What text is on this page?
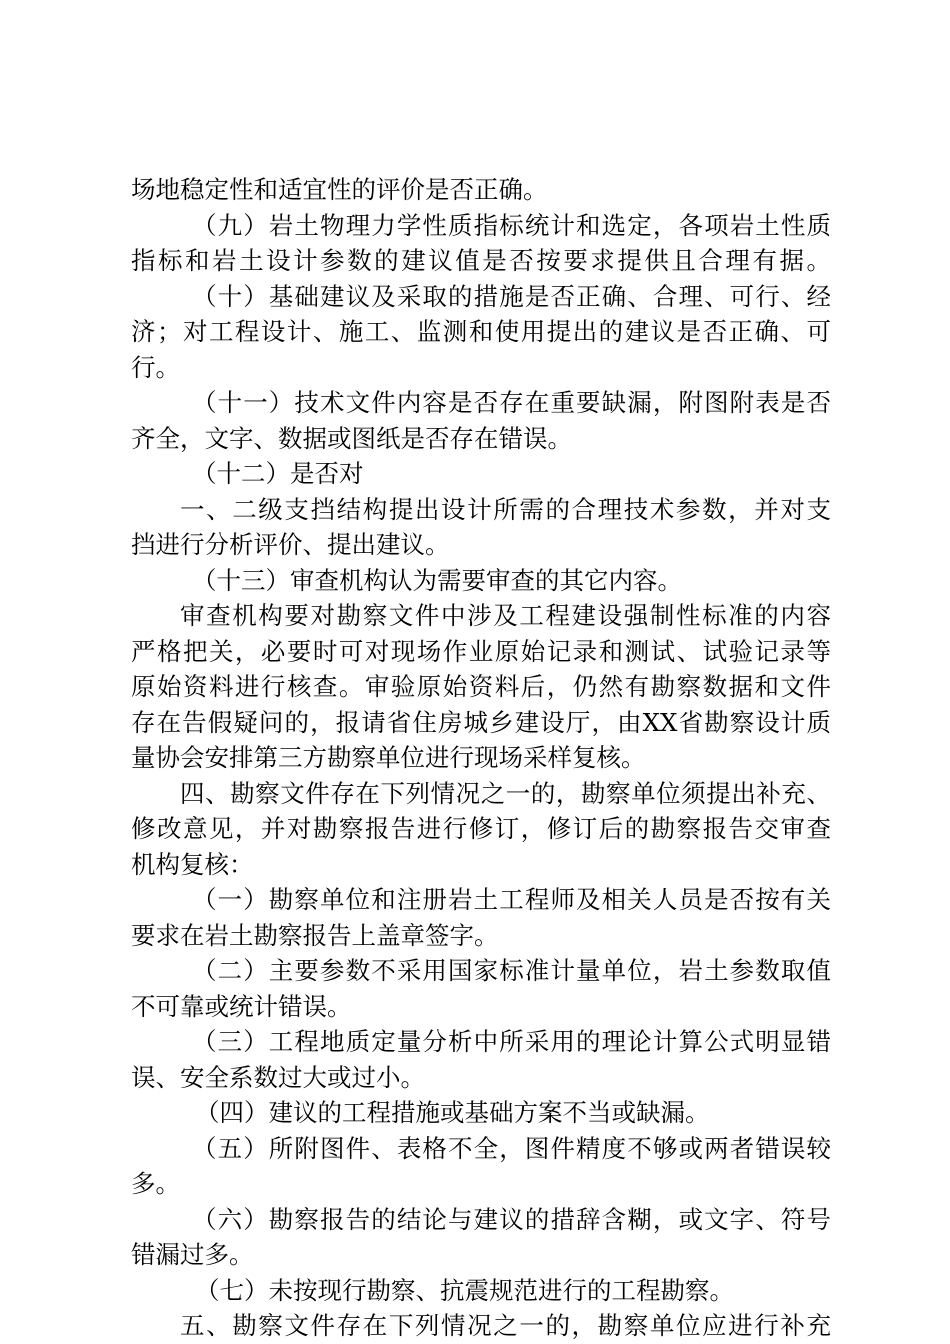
场地稳定性和适宜性的评价是否正确。
（九）岩土物理力学性质指标统计和选定，各项岩土性质
指标和岩土设计参数的建议值是否按要求提供且合理有据。
（十）基础建议及采取的措施是否正确、合理、可行、经
济；对工程设计、施工、监测和使用提出的建议是否正确、可
行。
（十一）技术文件内容是否存在重要缺漏，附图附表是否
齐全，文字、数据或图纸是否存在错误。
（十二）是否对
一、二级支挡结构提出设计所需的合理技术参数，并对支
挡进行分析评价、提出建议。
（十三）审查机构认为需要审查的其它内容。
审查机构要对勘察文件中涉及工程建设强制性标准的内容
严格把关，必要时可对现场作业原始记录和测试、试验记录等
原始资料进行核查。审验原始资料后，仍然有勘察数据和文件
存在告假疑问的，报请省住房城乡建设厅，由XX省勘察设计质
量协会安排第三方勘察单位进行现场采样复核。
四、勘察文件存在下列情况之一的，勘察单位须提出补充、
修改意见，并对勘察报告进行修订，修订后的勘察报告交审查
机构复核：
（一）勘察单位和注册岩土工程师及相关人员是否按有关
要求在岩土勘察报告上盖章签字。
（二）主要参数不采用国家标准计量单位，岩土参数取值
不可靠或统计错误。
（三）工程地质定量分析中所采用的理论计算公式明显错
误、安全系数过大或过小。
（四）建议的工程措施或基础方案不当或缺漏。
（五）所附图件、表格不全，图件精度不够或两者错误较
多。
（六）勘察报告的结论与建议的措辞含糊，或文字、符号
错漏过多。
（七）未按现行勘察、抗震规范进行的工程勘察。
五、勘察文件存在下列情况之一的，勘察单位应进行补充
